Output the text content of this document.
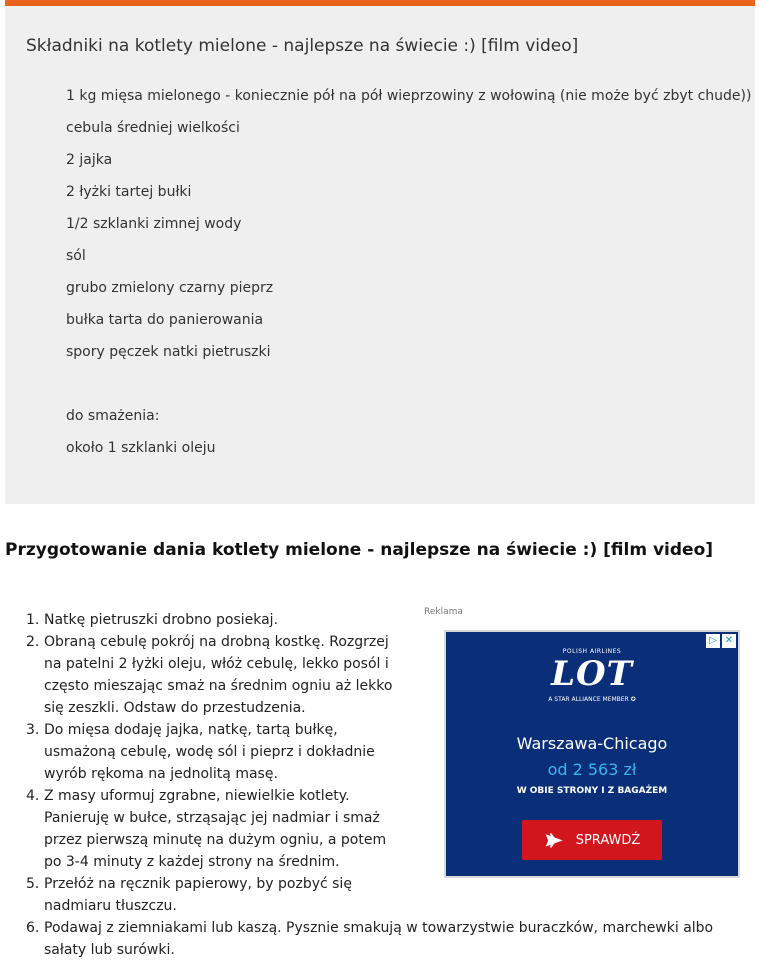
Składniki na kotlety mielone - najlepsze na świecie :) [film video]
1 kg mięsa mielonego - koniecznie pół na pół wieprzowiny z wołowiną (nie może być zbyt chude))
cebula średniej wielkości
2 jajka
2 łyżki tartej bułki
1/2 szklanki zimnej wody
sól
grubo zmielony czarny pieprz
bułka tarta do panierowania
spory pęczek natki pietruszki
do smażenia:
około 1 szklanki oleju
Przygotowanie dania kotlety mielone - najlepsze na świecie :) [film video]
1. Natkę pietruszki drobno posiekaj.
2. Obraną cebulę pokrój na drobną kostkę. Rozgrzej na patelni 2 łyżki oleju, włóż cebulę, lekko posól i często mieszając smaż na średnim ogniu aż lekko się zeszkli. Odstaw do przestudzenia.
3. Do mięsa dodaję jajka, natkę, tartą bułkę, usmażoną cebulę, wodę sól i pieprz i dokładnie wyrób rękoma na jednolitą masę.
4. Z masy uformuj zgrabne, niewielkie kotlety. Panieruję w bułce, strząsając jej nadmiar i smaż przez pierwszą minutę na dużym ogniu, a potem po 3-4 minuty z każdej strony na średnim.
5. Przełóż na ręcznik papierowy, by pozbyć się nadmiaru tłuszczu.
6. Podawaj z ziemniakami lub kaszą. Pysznie smakują w towarzystwie buraczków, marchewki albo sałaty lub surówki.
Reklama
▷ ✕
POLISH AIRLINES
LOT
A STAR ALLIANCE MEMBER ✪
Warszawa-Chicago
od 2 563 zł
W OBIE STRONY I Z BAGAŻEM
SPRAWDŹ
